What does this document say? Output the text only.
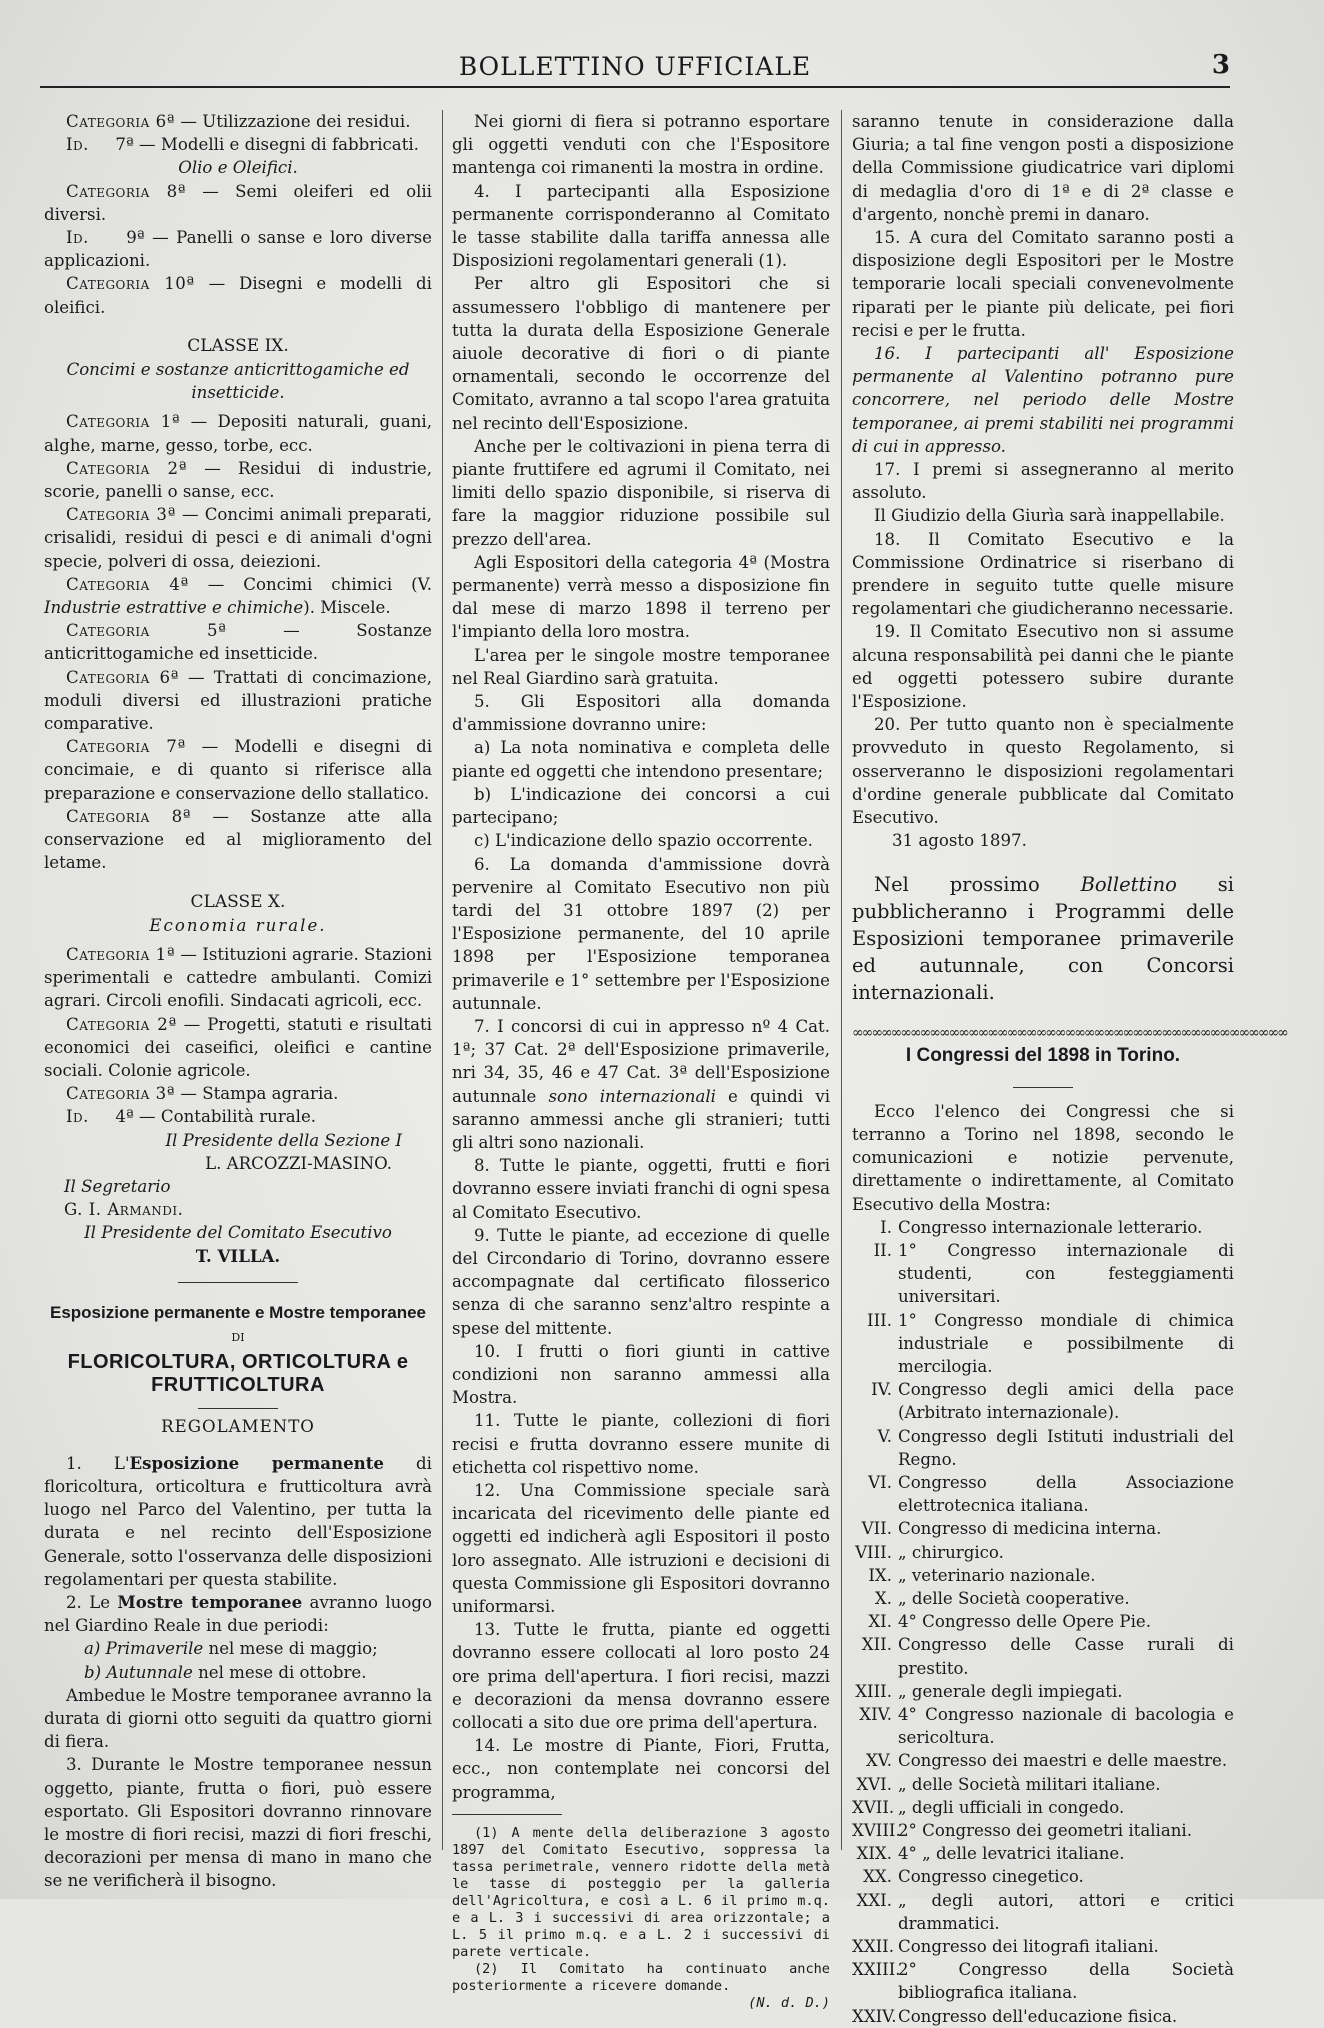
BOLLETTINO UFFICIALE	3

Categoria 6ª — Utilizzazione dei residui.

Id. 7ª — Modelli e disegni di fabbricati.

Olio e Oleifici.

Categoria 8ª — Semi oleiferi ed olii diversi.

Id. 9ª — Panelli o sanse e loro diverse applicazioni.

Categoria 10ª — Disegni e modelli di oleifici.

CLASSE IX.

Concimi e sostanze anticrittogamiche ed insetticide.

Categoria 1ª — Depositi naturali, guani, alghe, marne, gesso, torbe, ecc.

Categoria 2ª — Residui di industrie, scorie, panelli o sanse, ecc.

Categoria 3ª — Concimi animali preparati, crisalidi, residui di pesci e di animali d'ogni specie, polveri di ossa, deiezioni.

Categoria 4ª — Concimi chimici (V. Industrie estrattive e chimiche). Miscele.

Categoria 5ª	— Sostanze anticrittogamiche ed insetticide.

Categoria 6ª — Trattati di concimazione, moduli diversi ed illustrazioni pratiche comparative.

Categoria 7ª — Modelli e disegni di concimaie, e di quanto si riferisce alla preparazione e conservazione dello stallatico.

Categoria 8ª — Sostanze atte alla conservazione ed al miglioramento del letame.

CLASSE X.

Economia rurale.

Categoria 1ª — Istituzioni agrarie. Stazioni sperimentali e cattedre ambulanti. Comizi agrari. Circoli enofili. Sindacati agricoli, ecc.

Categoria 2ª — Progetti, statuti e risultati economici dei caseifici, oleifici e cantine sociali. Colonie agricole.

Categoria 3ª — Stampa agraria.

Id. 4ª — Contabilità rurale.

Il Presidente della Sezione I

L. ARCOZZI-MASINO.

Il Segretario

G. I. Armandi.

Il Presidente del Comitato Esecutivo

T. VILLA.

Esposizione permanente e Mostre temporanee

DI

FLORICOLTURA, ORTICOLTURA e FRUTTICOLTURA

REGOLAMENTO

1. L'Esposizione permanente di floricoltura, orticoltura e frutticoltura avrà luogo nel Parco del Valentino, per tutta la durata e nel recinto dell'Esposizione Generale, sotto l'osservanza delle disposizioni regolamentari per questa stabilite.

2. Le Mostre temporanee avranno luogo nel Giardino Reale in due periodi:

a) Primaverile nel mese di maggio;

b) Autunnale nel mese di ottobre.

Ambedue le Mostre temporanee avranno la durata di giorni otto seguiti da quattro giorni di fiera.

3. Durante le Mostre temporanee nessun oggetto, piante, frutta o fiori, può essere esportato. Gli Espositori dovranno rinnovare le mostre di fiori recisi, mazzi di fiori freschi, decorazioni per mensa di mano in mano che se ne verificherà il bisogno.

Nei giorni di fiera si potranno esportare gli oggetti venduti con che l'Espositore mantenga coi rimanenti la mostra in ordine.

4. I partecipanti alla Esposizione permanente corrisponderanno al Comitato le tasse stabilite dalla tariffa annessa alle Disposizioni regolamentari generali (1).

Per altro gli Espositori che si assumessero l'obbligo di mantenere per tutta la durata della Esposizione Generale aiuole decorative di fiori o di piante ornamentali, secondo le occorrenze del Comitato, avranno a tal scopo l'area gratuita nel recinto dell'Esposizione.

Anche per le coltivazioni in piena terra di piante fruttifere ed agrumi il Comitato, nei limiti dello spazio disponibile, si riserva di fare la maggior riduzione possibile sul prezzo dell'area.

Agli Espositori della categoria 4ª (Mostra permanente) verrà messo a disposizione fin dal mese di marzo 1898 il terreno per l'impianto della loro mostra.

L'area per le singole mostre temporanee nel Real Giardino sarà gratuita.

5. Gli Espositori alla domanda d'ammissione dovranno unire:

a) La nota nominativa e completa delle piante ed oggetti che intendono presentare;

b) L'indicazione dei concorsi a cui partecipano;

c) L'indicazione dello spazio occorrente.

6. La domanda d'ammissione dovrà pervenire al Comitato Esecutivo non più tardi del 31 ottobre 1897 (2) per l'Esposizione permanente, del 10 aprile 1898 per l'Esposizione temporanea primaverile e 1° settembre per l'Esposizione autunnale.

7. I concorsi di cui in appresso nº 4 Cat. 1ª; 37 Cat. 2ª dell'Esposizione primaverile, nri 34, 35, 46 e 47 Cat. 3ª dell'Esposizione autunnale sono internazionali e quindi vi saranno ammessi anche gli stranieri; tutti gli altri sono nazionali.

8. Tutte le piante, oggetti, frutti e fiori dovranno essere inviati franchi di ogni spesa al Comitato Esecutivo.

9. Tutte le piante, ad eccezione di quelle del Circondario di Torino, dovranno essere accompagnate dal certificato filosserico senza di che saranno senz'altro respinte a spese del mittente.

10. I frutti o fiori giunti in cattive condizioni non saranno ammessi alla Mostra.

11. Tutte le piante, collezioni di fiori recisi e frutta dovranno essere munite di etichetta col rispettivo nome.

12. Una Commissione speciale sarà incaricata del ricevimento delle piante ed oggetti ed indicherà agli Espositori il posto loro assegnato. Alle istruzioni e decisioni di questa Commissione gli Espositori dovranno uniformarsi.

13. Tutte le frutta, piante ed oggetti dovranno essere collocati al loro posto 24 ore prima dell'apertura. I fiori recisi, mazzi e decorazioni da mensa dovranno essere collocati a sito due ore prima dell'apertura.

14. Le mostre di Piante, Fiori, Frutta, ecc., non contemplate nei concorsi del programma,

(1) A mente della deliberazione 3 agosto 1897 del Comitato Esecutivo, soppressa la tassa perimetrale, vennero ridotte della metà le tasse di posteggio per la galleria dell'Agricoltura, e così a L. 6 il primo m.q. e a L. 3 i successivi di area orizzontale; a L. 5 il primo m.q. e a L. 2 i successivi di parete verticale.

(2) Il Comitato ha continuato anche posteriormente a ricevere domande.
(N. d. D.)

saranno tenute in considerazione dalla Giuria; a tal fine vengon posti a disposizione della Commissione giudicatrice vari diplomi di medaglia d'oro di 1ª e di 2ª classe e d'argento, nonchè premi in danaro.

15. A cura del Comitato saranno posti a disposizione degli Espositori per le Mostre temporarie locali speciali convenevolmente riparati per le piante più delicate, pei fiori recisi e per le frutta.

16. I partecipanti all' Esposizione permanente al Valentino potranno pure concorrere, nel periodo delle Mostre temporanee, ai premi stabiliti nei programmi di cui in appresso.

17. I premi si assegneranno al merito assoluto.

Il Giudizio della Giurìa sarà inappellabile.

18. Il Comitato Esecutivo e la Commissione Ordinatrice si riserbano di prendere in seguito tutte quelle misure regolamentari che giudicheranno necessarie.

19. Il Comitato Esecutivo non si assume alcuna responsabilità pei danni che le piante ed oggetti potessero subire durante l'Esposizione.

20. Per tutto quanto non è specialmente provveduto in questo Regolamento, si osserveranno le disposizioni regolamentari d'ordine generale pubblicate dal Comitato Esecutivo.

31 agosto 1897.

Nel prossimo Bollettino si pubblicheranno i Programmi delle Esposizioni temporanee primaverile ed autunnale, con Concorsi internazionali.

∞∞∞∞∞∞∞∞∞∞∞∞∞∞∞∞∞∞∞∞∞∞∞∞∞∞∞∞∞∞∞∞∞∞∞∞∞∞∞∞∞∞∞∞∞

I Congressi del 1898 in Torino.

Ecco l'elenco dei Congressi che si terranno a Torino nel 1898, secondo le comunicazioni e notizie pervenute, direttamente o indirettamente, al Comitato Esecutivo della Mostra:

I. Congresso internazionale letterario.

II. 1° Congresso internazionale di studenti, con festeggiamenti universitari.

III. 1° Congresso mondiale di chimica industriale e possibilmente di mercilogia.

IV. Congresso degli amici della pace (Arbitrato internazionale).

V. Congresso degli Istituti industriali del Regno.

VI. Congresso della Associazione elettrotecnica italiana.

VII. Congresso di medicina interna.

VIII. „ chirurgico.

IX. „ veterinario nazionale.

X. „ delle Società cooperative.

XI. 4° Congresso delle Opere Pie.

XII. Congresso delle Casse rurali di prestito.

XIII. „ generale degli impiegati.

XIV. 4° Congresso nazionale di bacologia e sericoltura.

XV. Congresso dei maestri e delle maestre.

XVI. „ delle Società militari italiane.

XVII. „ degli ufficiali in congedo.

XVIII.2° Congresso dei geometri italiani.

XIX. 4° „ delle levatrici italiane.

XX. Congresso cinegetico.

XXI. „ degli autori, attori e critici drammatici.

XXII. Congresso dei litografi italiani.

XXIII.2° Congresso della Società bibliografica italiana.

XXIV.Congresso dell'educazione fisica.
